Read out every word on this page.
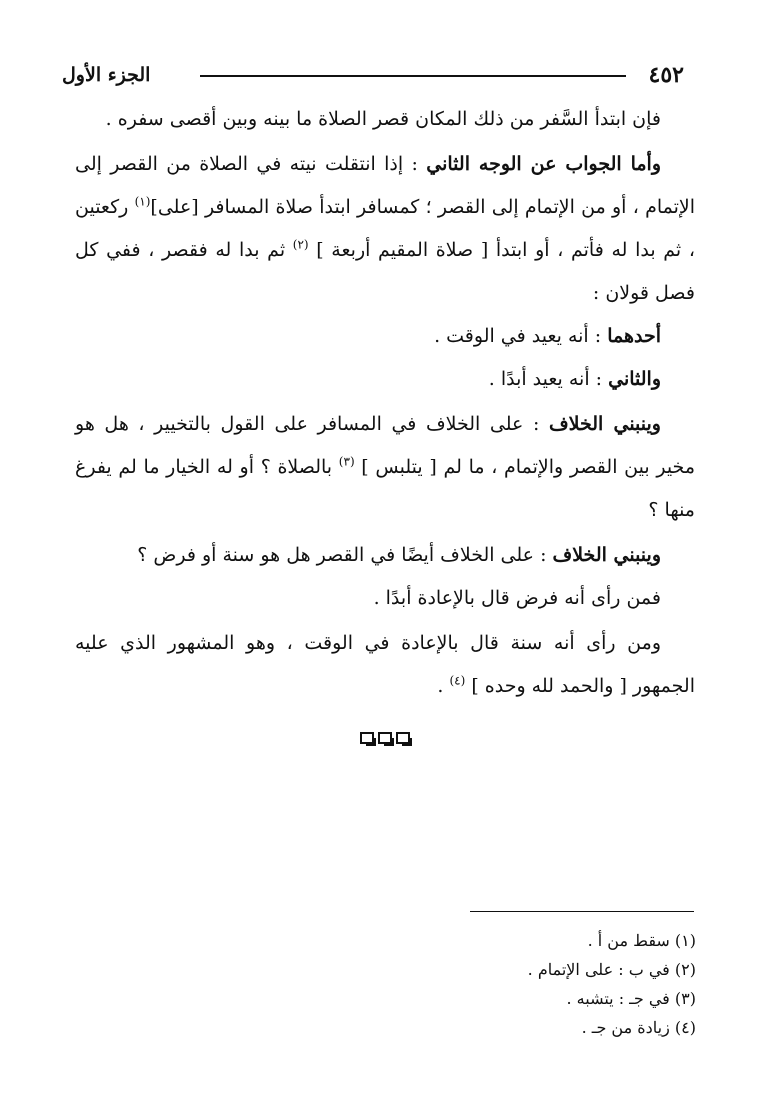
٤٥٢
الجزء الأول

فإن ابتدأ السَّفر من ذلك المكان قصر الصلاة ما بينه وبين أقصى سفره .

وأما الجواب عن الوجه الثاني : إذا انتقلت نيته في الصلاة من القصر إلى الإتمام ، أو من الإتمام إلى القصر ؛ كمسافر ابتدأ صلاة المسافر [على]$^{(١)}$ ركعتين ، ثم بدا له فأتم ، أو ابتدأ [ صلاة المقيم أربعة ] $^{(٢)}$ ثم بدا له فقصر ، ففي كل فصل قولان :

أحدهما : أنه يعيد في الوقت .

والثاني : أنه يعيد أبدًا .

وينبني الخلاف : على الخلاف في المسافر على القول بالتخيير ، هل هو مخير بين القصر والإتمام ، ما لم [ يتلبس ] $^{(٣)}$ بالصلاة ؟ أو له الخيار ما لم يفرغ منها ؟

وينبني الخلاف : على الخلاف أيضًا في القصر هل هو سنة أو فرض ؟

فمن رأى أنه فرض قال بالإعادة أبدًا .

ومن رأى أنه سنة قال بالإعادة في الوقت ، وهو المشهور الذي عليه الجمهور [ والحمد لله وحده ] $^{(٤)}$ .

(١) سقط من أ .

(٢) في ب : على الإتمام .

(٣) في جـ : يتشبه .

(٤) زيادة من جـ .
